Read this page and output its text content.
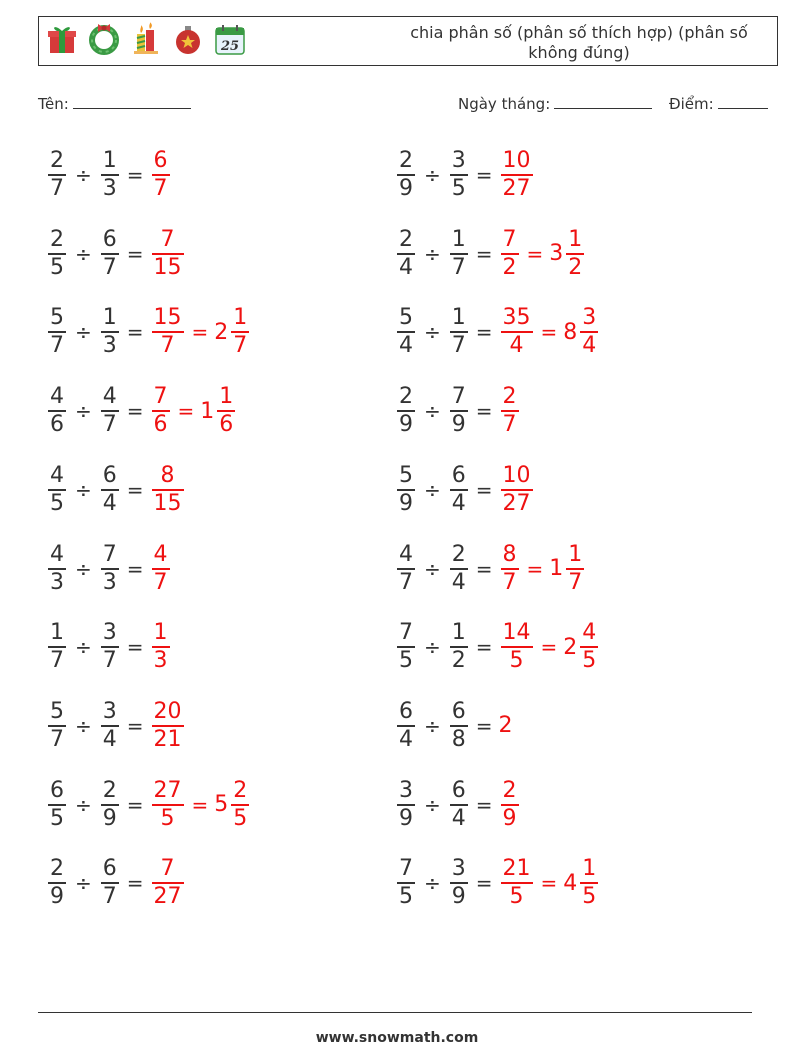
25
chia phân số (phân số thích hợp) (phân số không đúng)
Tên:	Ngày tháng:	Điểm:
$\frac{2}{7} \div \frac{1}{3} = \frac{6}{7}$	$\frac{2}{9} \div \frac{3}{5} = \frac{10}{27}$
$\frac{2}{5} \div \frac{6}{7} = \frac{7}{15}$	$\frac{2}{4} \div \frac{1}{7} = \frac{7}{2} = 3 \frac{1}{2}$
$\frac{5}{7} \div \frac{1}{3} = \frac{15}{7} = 2 \frac{1}{7}$	$\frac{5}{4} \div \frac{1}{7} = \frac{35}{4} = 8 \frac{3}{4}$
$\frac{4}{6} \div \frac{4}{7} = \frac{7}{6} = 1 \frac{1}{6}$	$\frac{2}{9} \div \frac{7}{9} = \frac{2}{7}$
$\frac{4}{5} \div \frac{6}{4} = \frac{8}{15}$	$\frac{5}{9} \div \frac{6}{4} = \frac{10}{27}$
$\frac{4}{3} \div \frac{7}{3} = \frac{4}{7}$	$\frac{4}{7} \div \frac{2}{4} = \frac{8}{7} = 1 \frac{1}{7}$
$\frac{1}{7} \div \frac{3}{7} = \frac{1}{3}$	$\frac{7}{5} \div \frac{1}{2} = \frac{14}{5} = 2 \frac{4}{5}$
$\frac{5}{7} \div \frac{3}{4} = \frac{20}{21}$	$\frac{6}{4} \div \frac{6}{8} = 2$
$\frac{6}{5} \div \frac{2}{9} = \frac{27}{5} = 5 \frac{2}{5}$	$\frac{3}{9} \div \frac{6}{4} = \frac{2}{9}$
$\frac{2}{9} \div \frac{6}{7} = \frac{7}{27}$	$\frac{7}{5} \div \frac{3}{9} = \frac{21}{5} = 4 \frac{1}{5}$
www.snowmath.com
